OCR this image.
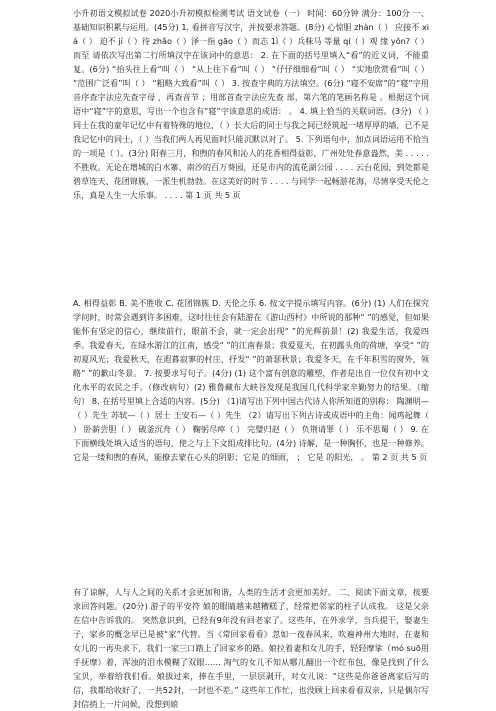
小升初语文模拟试卷 2020小升初模拟检测考试 语文试卷（一） 时间：60分钟 满分：100分 一、基础知识积累与运用。(45分) 1. 看拼音写汉字，并按要求答题。(8分) 心惊胆 zhàn（ ） 应接不 xiá（ ） 迫不 jí（ ）待 zhǎo（ ）泽一指 gāo（ ）而志 1ì（ ）兵秣马 等量 qí（ ）观 缘 yǒn?（ ）而至 请依次写出第二行所填汉字在该词中的意思： 2. 在下面的括号里填入“看”的近义词，不能重复。(6分) “抬头往上看”叫（ ） “从上往下看”叫（ ） “仔仔细细看”叫（ ） “实地欣赏看”叫（ ） “范围广泛看”叫（ ） “粗略大致看”叫（ ） 3. 按查字典的方法填空。(6分) “寝不安席”的“寝”字用音序查字法应先查字母 ，再查音节 ；用部首查字法应先查 部，第六笔的笔画名称是 。根据这个词语中“寝”字的意思，写出一个也含有“寝”字该意思的成语： 。 4. 填上恰当的关联词语。(3分) （ ）同士在我的童年记忆中有着特殊的地位，（ ）长大后的同士与我之间已经筑起一堵厚厚的墙，已不是我记忆中的同士，（ ）当我们两人再见面时只能沉默以对了。 5. 下列语句中，加点词语运用不恰当的一项是（ ）。(3分) 阳春三月，和煦的春风和沁人的花香相得益彰，广州处处春意盎然，美 . . . . . 不胜收。无论在增城的白水寨、南沙的百万葵园，还是市内的流花湖公园 . . . . 云台花园，到处都是碧草连天、花团锦簇，一派生机勃勃。在这美好的时节 . . . . 与同学一起畅游花海，尽情享受天伦之乐，真是人生一大乐事。 . . . . 第 1 页 共 5 页

A. 相得益彰 B. 美不胜收 C. 花团锦簇 D. 天伦之乐 6. 按文字提示填写内容。(6分) (1) 人们在探究学问时，时常会遇到许多困难，这时往往会有陆游在《游山西村》中所说的那种“ ”的感觉，但如果能怀有坚定的信心，继续前行，眼前不会，就一定会出现“ ”的光辉前景！(2) 我爱生活，我爱四季。我爱春天，在绿水游江的江南，感受“ ”的江南春景；我爱夏天，在初露头角的荷塘，享受“ ”的初夏风光；我爱秋天，在遐暮寂寥的村庄，抒发“ ”的萧瑟秋景；我爱冬天，在千年积雪的窗外，领略“ ”的歉山冬景。 7. 按要求写句子。(4分) (1) 这个富有创意的雕塑，作者是出自一位仅有初中文化水平的农民之手。（修改病句）(2) 雅鲁藏布大峡谷发现是我国几代科学家辛勤努力的结果。（缩句） 8. 在括号里填上合适的内容。(5分) （1)请写出下列中国古代诗人你所知道的别称： 陶渊明—（ ）先生 苏轼—（ ）居士 王安石—（ ）先生 （2）请写出下列古诗或成语中的主角：闻鸡起舞（ ） 卧薪尝胆（ ） 破釜沉舟（ ） 鞠躬尽瘁（ ） 完璧归赵（ ） 负荆请罪（ ） 乐不思蜀（ ） 9. 在下面横线处填入适当的语句，使之与上下文组成排比句。(4分) 诗解，是一种胸怀，也是一种修养。 它是一缕和煦的春风，能撩去蒙在心头的阴影；它是 的细雨， ； 它是 的阳光， 。 第 2 页 共 5 页

有了谅解，人与人之间的关系才会更加和谐，人类的生活才会更加美好。 二、阅读下面文章，按要求回答问题。(20分) 游子的平安符 娘的眼睛越来越糟糕了，经常把邻家的柱子认成我。 这是父亲在信中告诉我的。 突然意识到，已经有9年没有回老家了。这些年，在外求学，当兵提干，娶妻生子，家乡的概念早已是被“家”代替。当《常回家看看》忽如一夜春风来，吹遍神州大地时，在妻和女儿的一再央求下，我们一家三口踏上了回家乡的路。娘拉着妻和女儿的手，轻轻摩挲（mó suō用手抚摩）着，浑浊的泪水模糊了双眼…… 淘气的女儿不知从哪儿翻出一个红布包，像是找到了什么宝贝，举着给我们看。娘拔过来，捧在手里，一层层剥开，对女儿说：“这些是你爸爸离家后写的信，我都给收好了，一共52封，一封也不差。” 这些年工作忙，也没顾上回来看看双亲，只是偶尔写封信捎上一片问候，没想到娘
